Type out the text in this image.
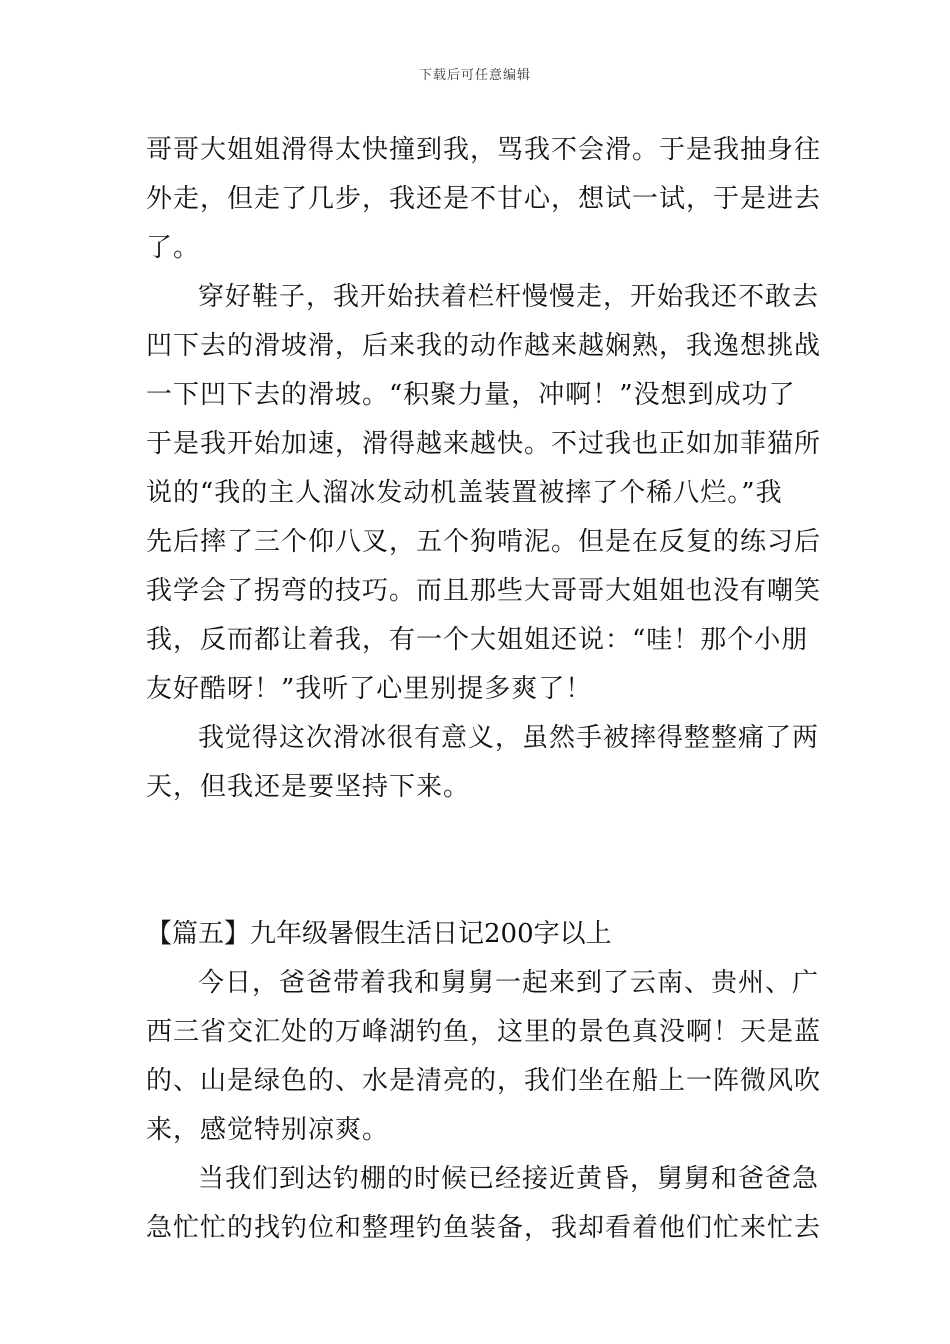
下载后可任意编辑
哥哥大姐姐滑得太快撞到我，骂我不会滑。于是我抽身往
外走，但走了几步，我还是不甘心，想试一试，于是进去
了。
穿好鞋子，我开始扶着栏杆慢慢走，开始我还不敢去
凹下去的滑坡滑，后来我的动作越来越娴熟，我逸想挑战
一下凹下去的滑坡。“积聚力量，冲啊！”没想到成功了
于是我开始加速，滑得越来越快。不过我也正如加菲猫所
说的“我的主人溜冰发动机盖装置被摔了个稀八烂。”我
先后摔了三个仰八叉，五个狗啃泥。但是在反复的练习后
我学会了拐弯的技巧。而且那些大哥哥大姐姐也没有嘲笑
我，反而都让着我，有一个大姐姐还说：“哇！那个小朋
友好酷呀！”我听了心里别提多爽了！
我觉得这次滑冰很有意义，虽然手被摔得整整痛了两
天，但我还是要坚持下来。
【篇五】九年级暑假生活日记200字以上
今日，爸爸带着我和舅舅一起来到了云南、贵州、广
西三省交汇处的万峰湖钓鱼，这里的景色真没啊！天是蓝
的、山是绿色的、水是清亮的，我们坐在船上一阵微风吹
来，感觉特别凉爽。
当我们到达钓棚的时候已经接近黄昏，舅舅和爸爸急
急忙忙的找钓位和整理钓鱼装备，我却看着他们忙来忙去
